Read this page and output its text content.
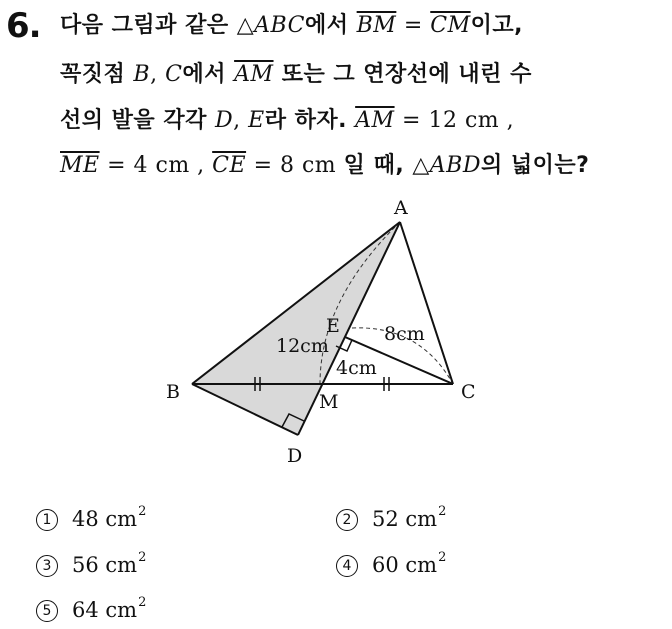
6. 다음 그림과 같은 △ABC에서 $\overline{BM} = \overline{CM}$이고,
꼭짓점 B, C에서 $\overline{AM}$ 또는 그 연장선에 내린 수
선의 발을 각각 D, E라 하자. $\overline{AM} = 12$ cm ,
$\overline{ME} = 4$ cm , $\overline{CE} = 8$ cm 일 때, △ABD의 넓이는?
A
B	C
D
E
M
12cm
4cm
8cm
1 48
cm 2
2 52
cm 2
3 56
cm 2
4 60
cm 2
5 64
cm 2
